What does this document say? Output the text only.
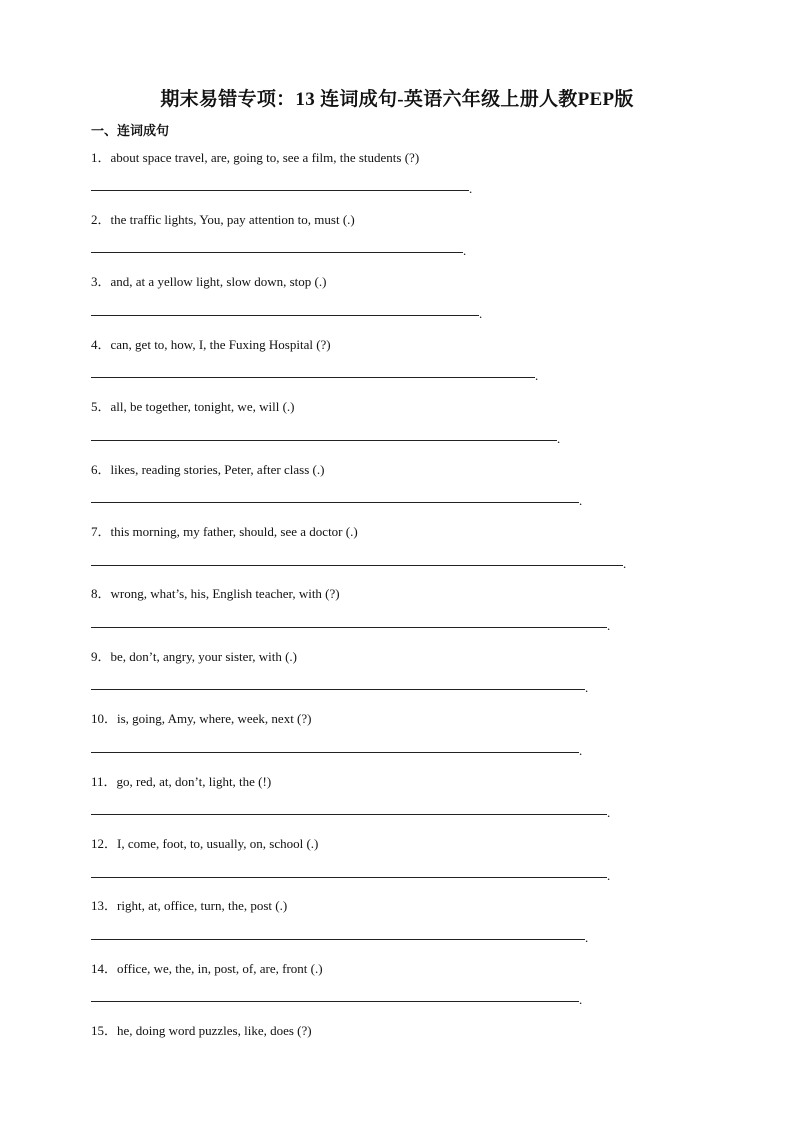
期末易错专项：13 连词成句-英语六年级上册人教PEP版
一、连词成句
1．about space travel, are, going to, see a film, the students (?)
.
2．the traffic lights, You, pay attention to, must (.)
.
3．and, at a yellow light, slow down, stop (.)
.
4．can, get to, how, I, the Fuxing Hospital (?)
.
5．all, be together, tonight, we, will (.)
.
6．likes, reading stories, Peter, after class (.)
.
7．this morning, my father, should, see a doctor (.)
.
8．wrong, what’s, his, English teacher, with (?)
.
9．be, don’t, angry, your sister, with (.)
.
10．is, going, Amy, where, week, next (?)
.
11．go, red, at, don’t, light, the (!)
.
12．I, come, foot, to, usually, on, school (.)
.
13．right, at, office, turn, the, post (.)
.
14．office, we, the, in, post, of, are, front (.)
.
15．he, doing word puzzles, like, does (?)
